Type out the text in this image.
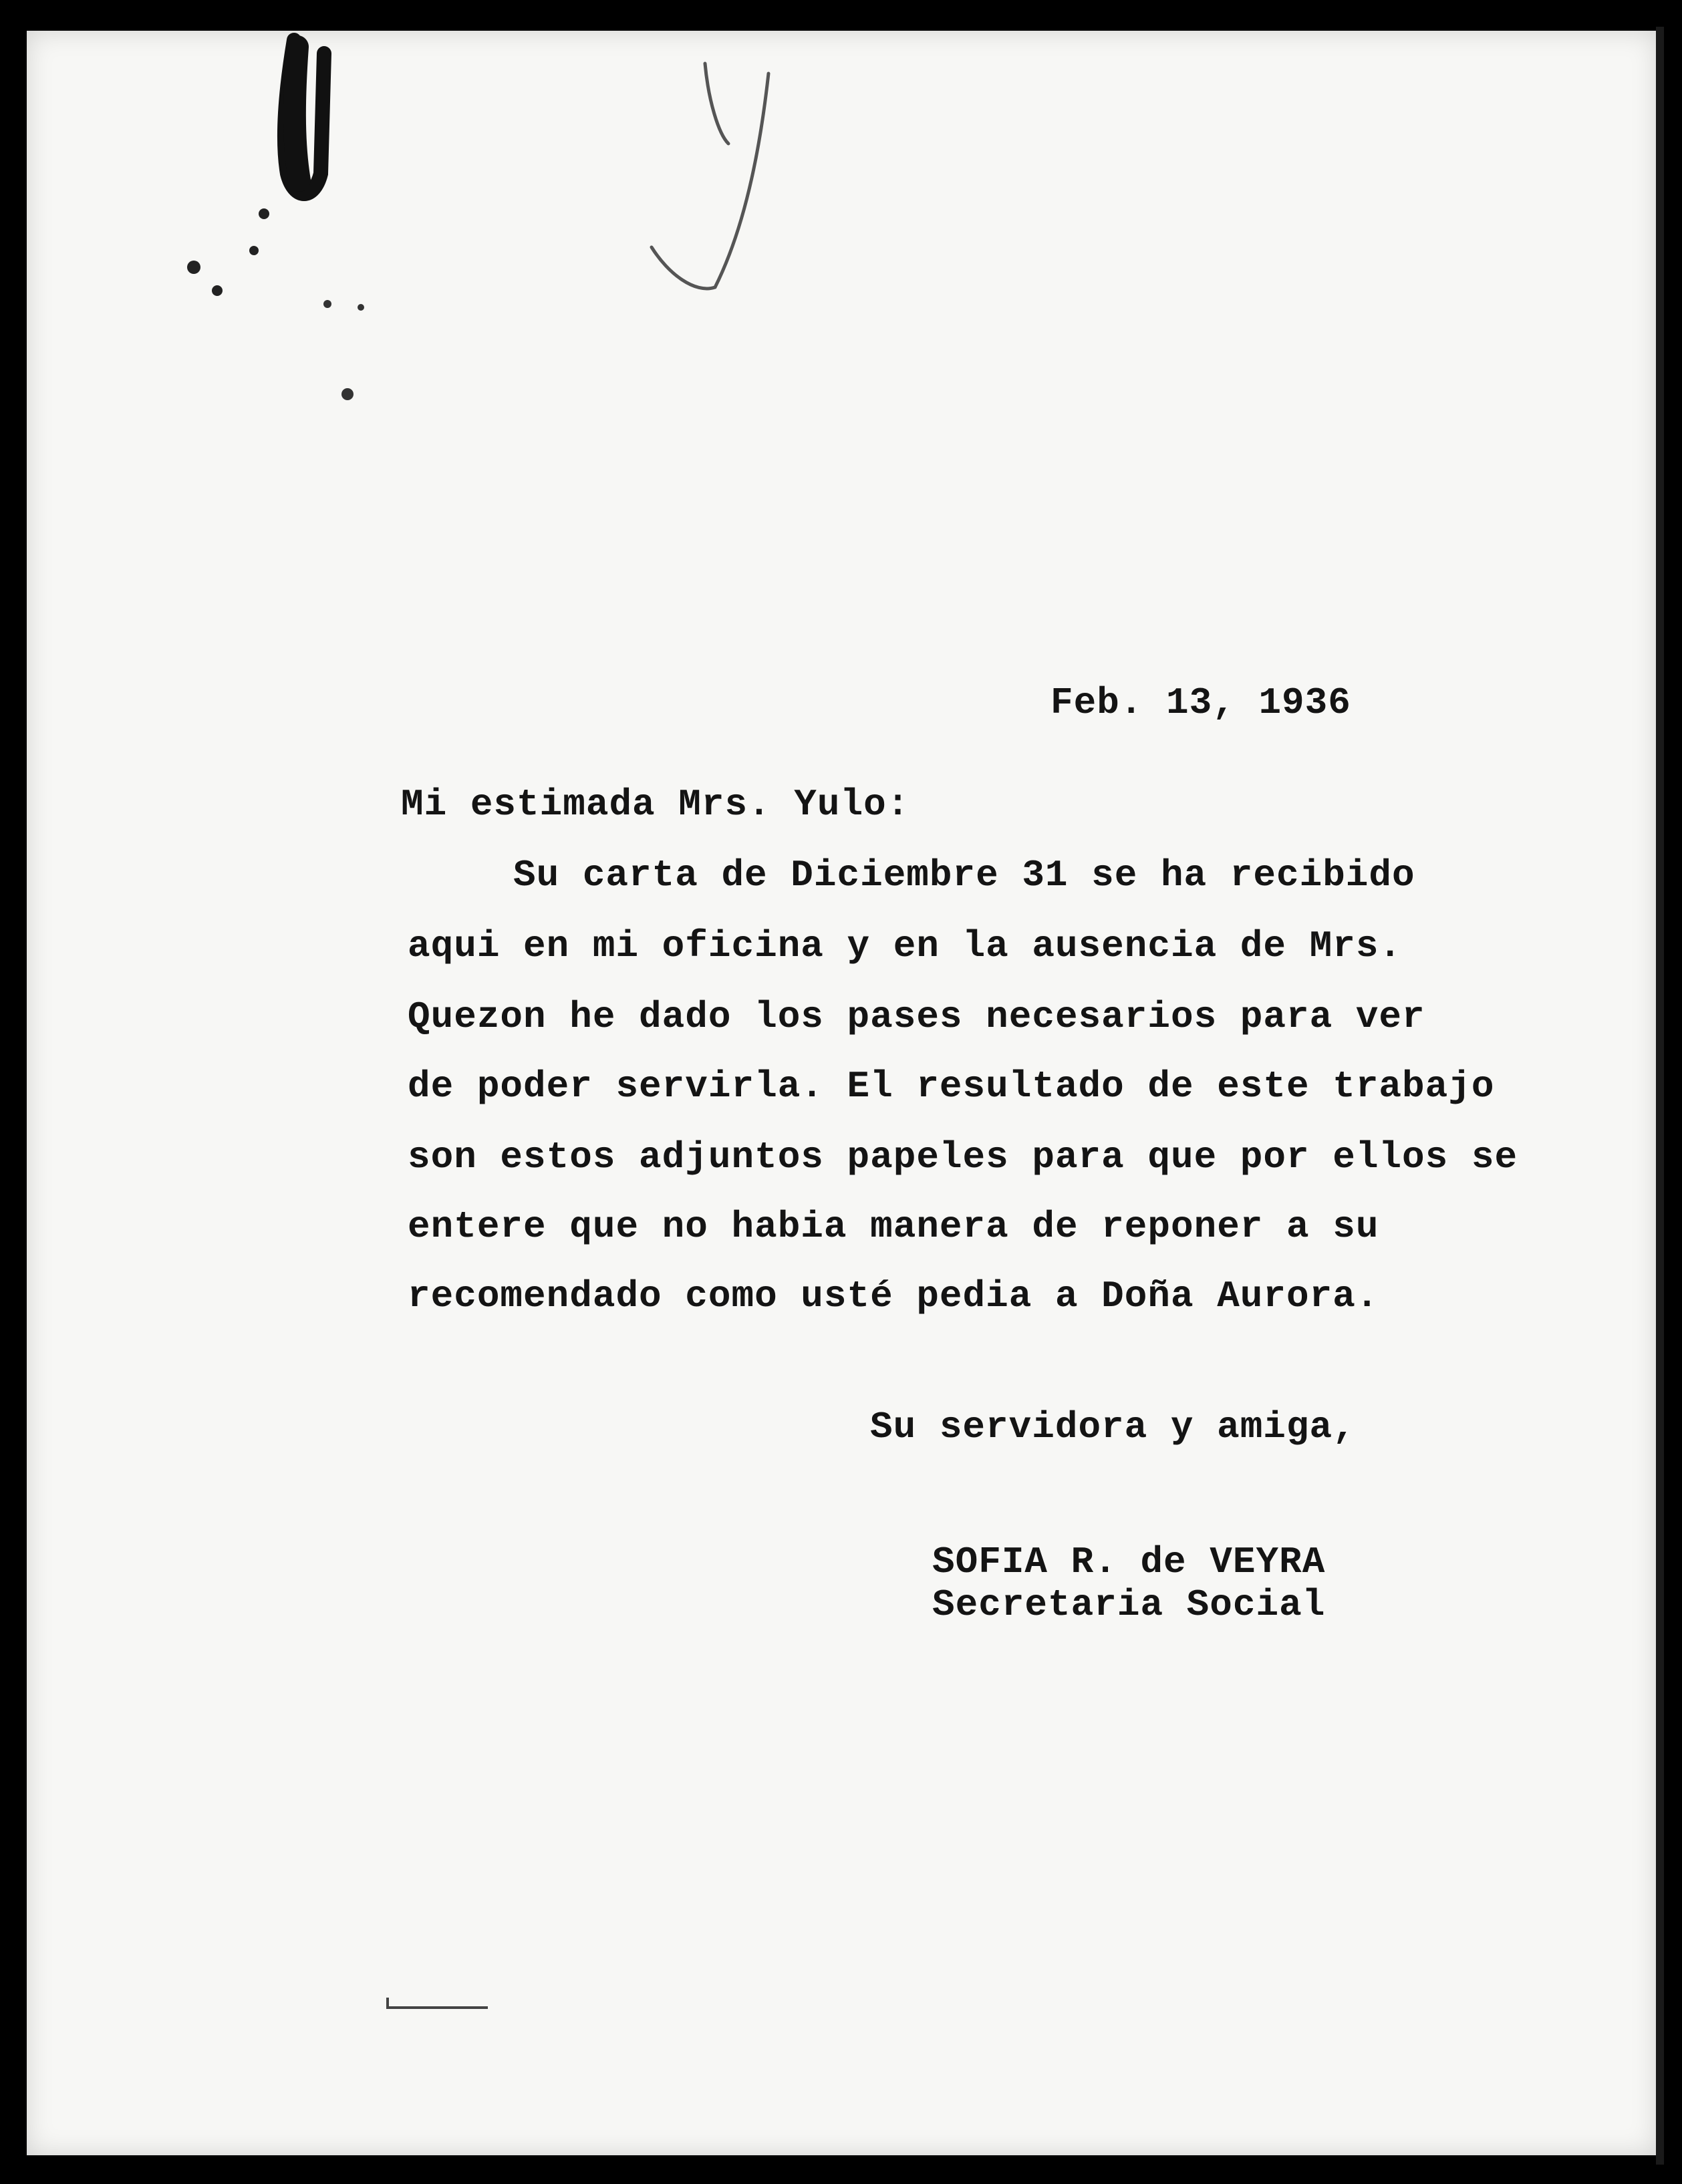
Feb. 13, 1936
Mi estimada Mrs. Yulo:
Su carta de Diciembre 31 se ha recibido
aqui en mi oficina y en la ausencia de Mrs.
Quezon he dado los pases necesarios para ver
de poder servirla. El resultado de este trabajo
son estos adjuntos papeles para que por ellos se
entere que no habia manera de reponer a su
recomendado como usté pedia a Doña Aurora.
Su servidora y amiga,
SOFIA R. de VEYRA
Secretaria Social
